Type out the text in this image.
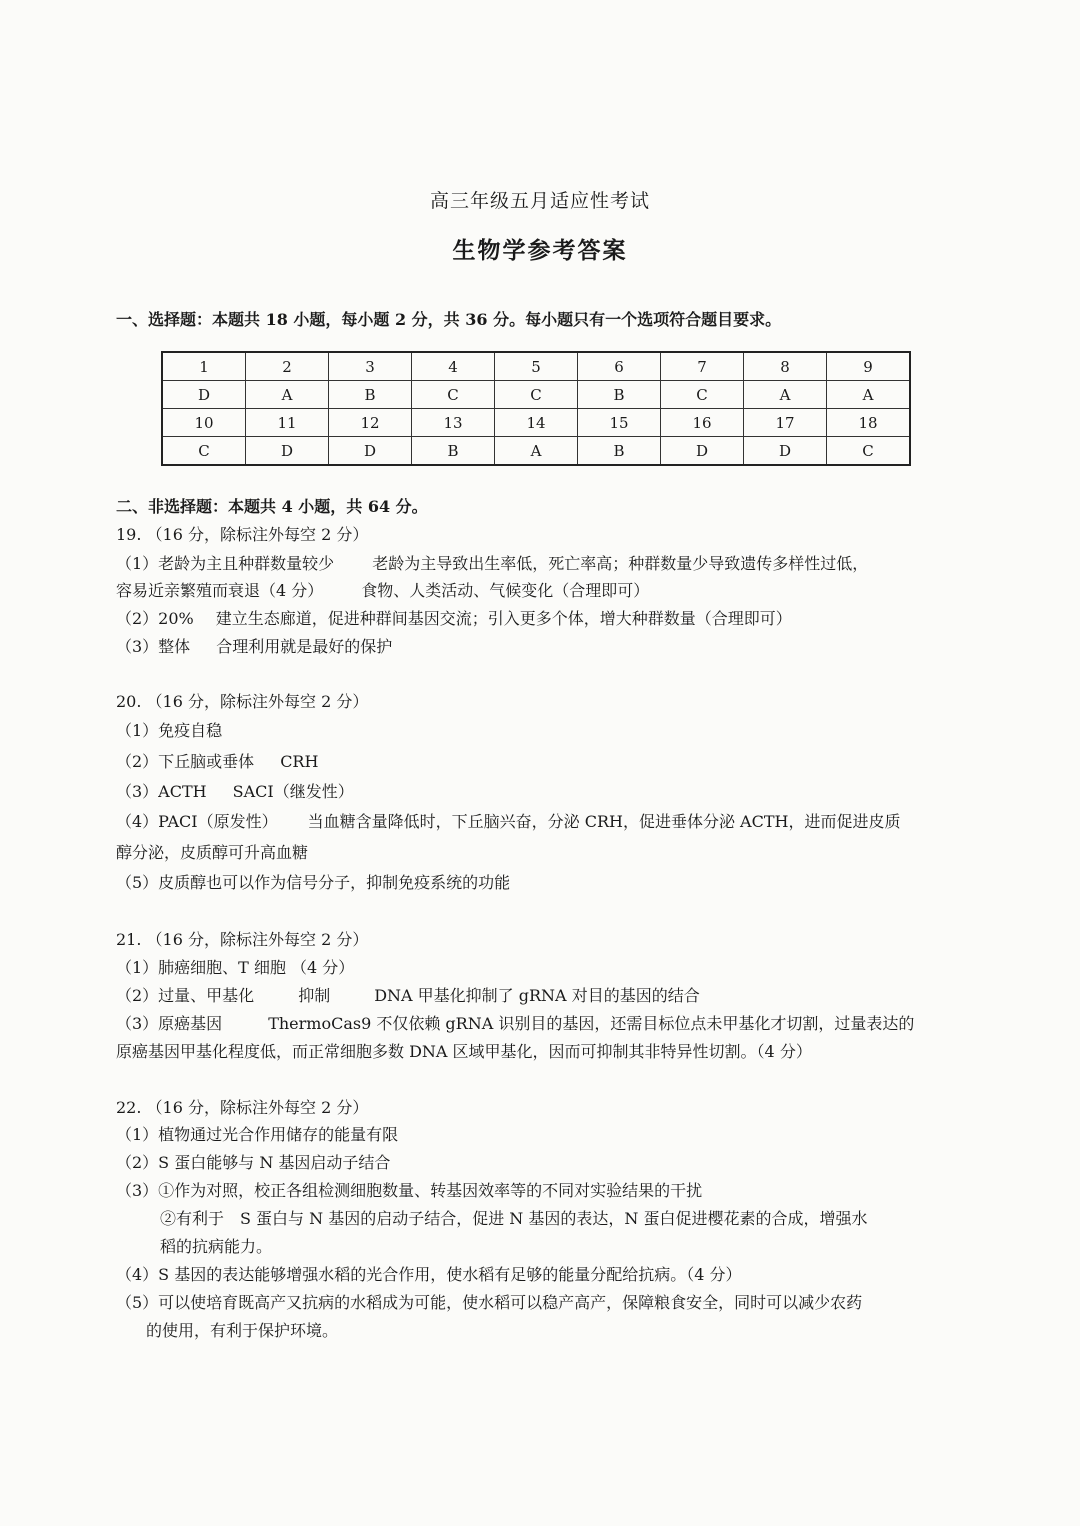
高三年级五月适应性考试
生物学参考答案
一、选择题：本题共 18 小题，每小题 2 分，共 36 分。每小题只有一个选项符合题目要求。
1	2	3	4	5	6	7	8	9
D	A	B	C	C	B	C	A	A
10	11	12	13	14	15	16	17	18
C	D	D	B	A	B	D	D	C
二、非选择题：本题共 4 小题，共 64 分。
19. （16 分，除标注外每空 2 分）
（1）老龄为主且种群数量较少 老龄为主导致出生率低，死亡率高；种群数量少导致遗传多样性过低，
容易近亲繁殖而衰退（4 分） 食物、人类活动、气候变化（合理即可）
（2）20% 建立生态廊道，促进种群间基因交流；引入更多个体，增大种群数量（合理即可）
（3）整体 合理利用就是最好的保护
20. （16 分，除标注外每空 2 分）
（1）免疫自稳
（2）下丘脑或垂体 CRH
（3）ACTH SACI（继发性）
（4）PACI（原发性） 当血糖含量降低时，下丘脑兴奋，分泌 CRH，促进垂体分泌 ACTH，进而促进皮质
醇分泌，皮质醇可升高血糖
（5）皮质醇也可以作为信号分子，抑制免疫系统的功能
21. （16 分，除标注外每空 2 分）
（1）肺癌细胞、T 细胞 （4 分）
（2）过量、甲基化	抑制	DNA 甲基化抑制了 gRNA 对目的基因的结合
（3）原癌基因	ThermoCas9 不仅依赖 gRNA 识别目的基因，还需目标位点未甲基化才切割，过量表达的
原癌基因甲基化程度低，而正常细胞多数 DNA 区域甲基化，因而可抑制其非特异性切割。（4 分）
22. （16 分，除标注外每空 2 分）
（1）植物通过光合作用储存的能量有限
（2）S 蛋白能够与 N 基因启动子结合
（3）①作为对照，校正各组检测细胞数量、转基因效率等的不同对实验结果的干扰
②有利于　S 蛋白与 N 基因的启动子结合，促进 N 基因的表达，N 蛋白促进樱花素的合成，增强水
稻的抗病能力。
（4）S 基因的表达能够增强水稻的光合作用，使水稻有足够的能量分配给抗病。（4 分）
（5）可以使培育既高产又抗病的水稻成为可能，使水稻可以稳产高产，保障粮食安全，同时可以减少农药
的使用，有利于保护环境。
